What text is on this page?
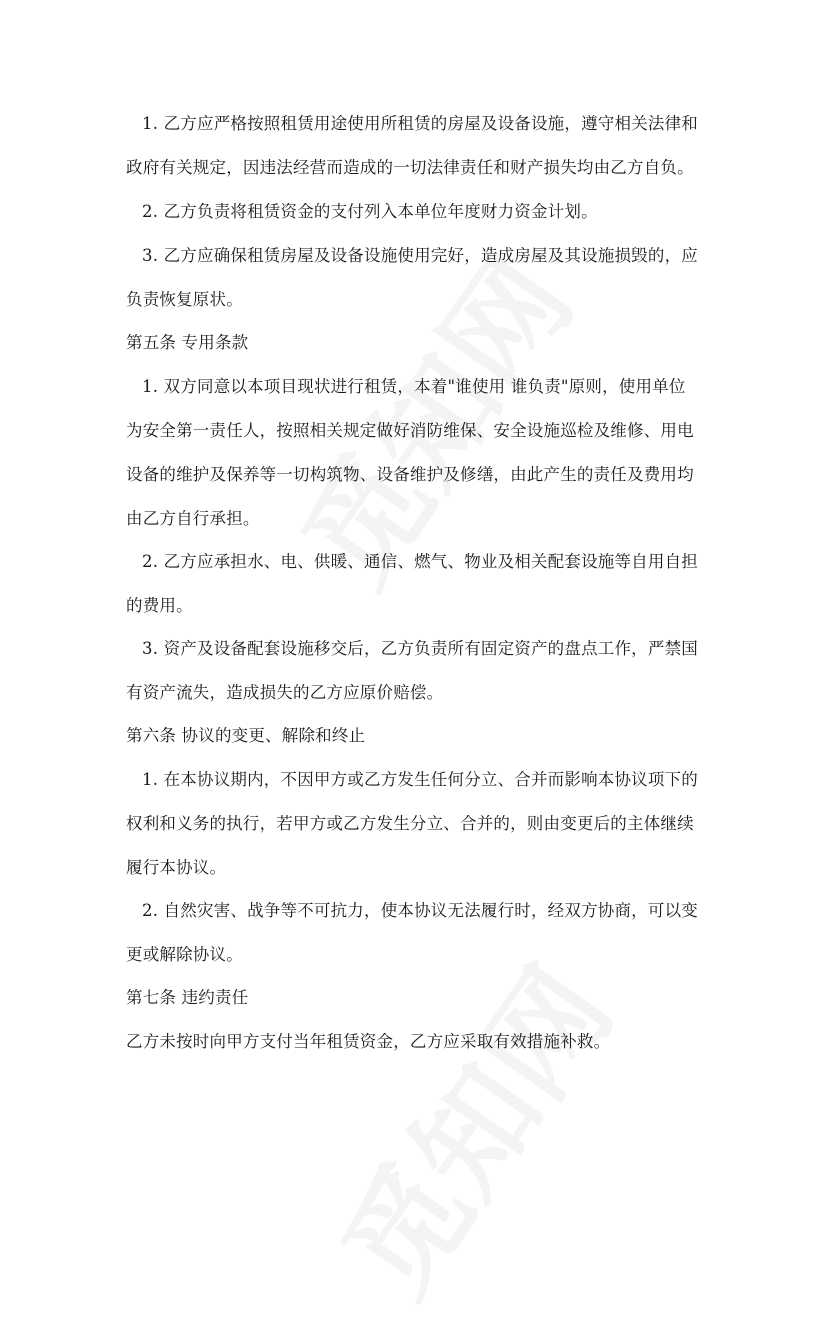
1. 乙方应严格按照租赁用途使用所租赁的房屋及设备设施，遵守相关法律和
政府有关规定，因违法经营而造成的一切法律责任和财产损失均由乙方自负。
2. 乙方负责将租赁资金的支付列入本单位年度财力资金计划。
3. 乙方应确保租赁房屋及设备设施使用完好，造成房屋及其设施损毁的，应
负责恢复原状。
第五条 专用条款
1. 双方同意以本项目现状进行租赁，本着"谁使用 谁负责"原则，使用单位
为安全第一责任人，按照相关规定做好消防维保、安全设施巡检及维修、用电
设备的维护及保养等一切构筑物、设备维护及修缮，由此产生的责任及费用均
由乙方自行承担。
2. 乙方应承担水、电、供暖、通信、燃气、物业及相关配套设施等自用自担
的费用。
3. 资产及设备配套设施移交后，乙方负责所有固定资产的盘点工作，严禁国
有资产流失，造成损失的乙方应原价赔偿。
第六条 协议的变更、解除和终止
1. 在本协议期内，不因甲方或乙方发生任何分立、合并而影响本协议项下的
权利和义务的执行，若甲方或乙方发生分立、合并的，则由变更后的主体继续
履行本协议。
2. 自然灾害、战争等不可抗力，使本协议无法履行时，经双方协商，可以变
更或解除协议。
第七条 违约责任
乙方未按时向甲方支付当年租赁资金，乙方应采取有效措施补救。
